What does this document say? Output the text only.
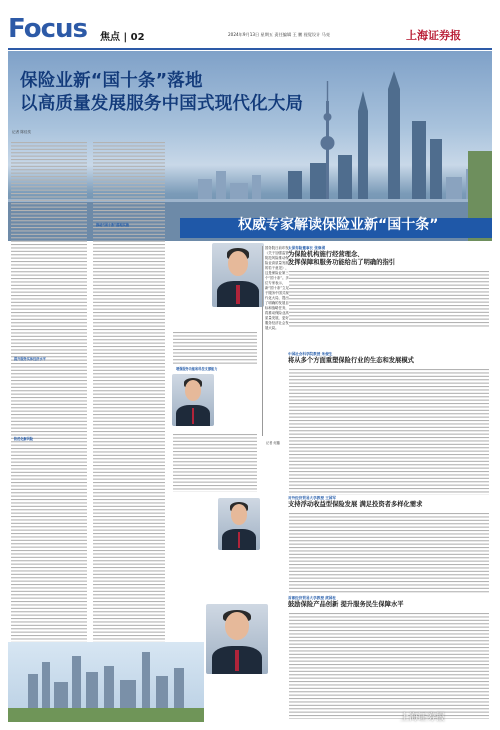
Focus 焦点 | 02	2024年9月13日 星期五 责任编辑 王 鹏 视觉设计 马亮	上海证券报
保险业新“国十条”落地
以高质量发展服务中国式现代化大局
记者 陈佳奕
提升服务实体经济水平
防范化解风险
推动“国十条”落地实施	权威专家解读保险业新“国十条”
国务院日前印发《关于加强监管防范风险推动保险业高质量发展的若干意见》，这是保险业第三个“国十条”。多位专家表示，新“国十条”立足于服务中国式现代化大局，提出了明确的发展目标和战略任务，将推动保险业高质量发展，更好服务经济社会发展大局。
记者 何璐
增强服务功能和科技支撑能力
太保寿险董事长 张修勇
为保险机构施行经营理念、
发挥保障和服务功能给出了明确的指引
中国社会科学院教授 朱俊生
将从多个方面重塑保险行业的生态和发展模式
对外经济贸易大学教授 王国军
支持浮动收益型保险发展 满足投资者多样化需求
首都经济贸易大学教授 庹国柱
鼓励保险产品创新 提升服务民生保障水平
上海证券报
